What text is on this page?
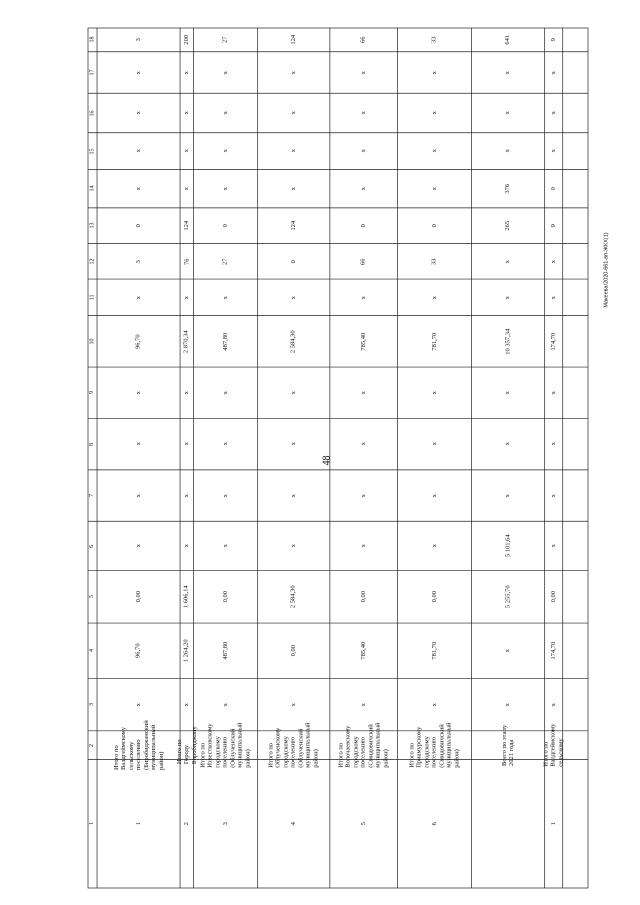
48
Макеева/2020-661-вп-ЖКХ(1)
1
2
3
4
5
6
7
8
9
10
11
12
13
14
15
16
17
18
1
Итого по
Валдгеймскому
сельскому
поселению
(Биробиджанский
муниципальный
район)
x
96,70
0,00
x
x
x
x
96,70
x
3
0
x
x
x
x
3
2
Итого по Городу
Биробиджану
x
1 264,20
1 606,14
x
x
x
x
2 870,34
x
76
124
x
x
x
x
200
3
Итого по
Известковскому
городскому
поселению
(Облученский
муниципальный
район)
x
487,80
0,00
x
x
x
x
487,80
x
27
0
x
x
x
x
27
4
Итого по
Облученскому
городскому
поселению
(Облученский
муниципальный
район)
x
0,00
2 584,30
x
x
x
x
2 584,30
x
0
124
x
x
x
x
124
5
Итого по
Волочаевскому
городскому
поселению
(Смидовичский
муниципальный
район)
x
785,40
0,00
x
x
x
x
785,40
x
66
0
x
x
x
x
66
6
Итого по
Приамурскому
городскому
поселению
(Смидовичский
муниципальный
район)
x
781,70
0,00
x
x
x
x
781,70
x
33
0
x
x
x
x
33
Всего по этапу
2021 года
x
x
5 255,70
5 101,64
x
x
x
10 357,34
x
x
265
376
x
x
x
641
1
Итого по
Валдгеймскому
сельскому
x
174,70
0,00
x
x
x
x
174,70
x
x
9
0
x
x
x
9
